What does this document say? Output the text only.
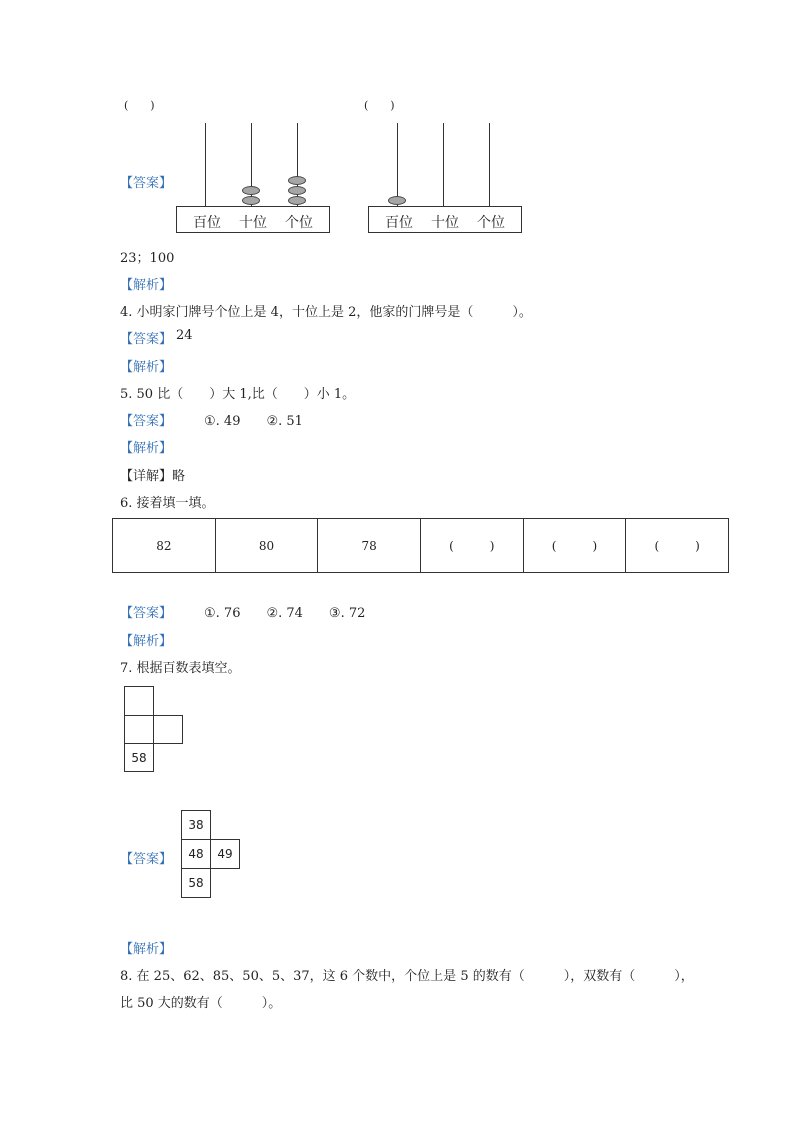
(　　)	(　　)
百位 十位 个位	百位 十位 个位
【答案】
23；100
【解析】
4. 小明家门牌号个位上是 4，十位上是 2，他家的门牌号是（　　　）。
【答案】 24
【解析】
5. 50 比（　　）大 1,比（　　）小 1。
【答案】 ①. 49　　②. 51
【解析】
【详解】略
6. 接着填一填。
82	80	78	(　　　)	(　　　)	(　　　)
【答案】 ①. 76　　②. 74　　③. 72
【解析】
7. 根据百数表填空。
58
【答案】
38
48	49
58
【解析】
8. 在 25、62、85、50、5、37，这 6 个数中，个位上是 5 的数有（　　　），双数有（　　　），
比 50 大的数有（　　　）。
